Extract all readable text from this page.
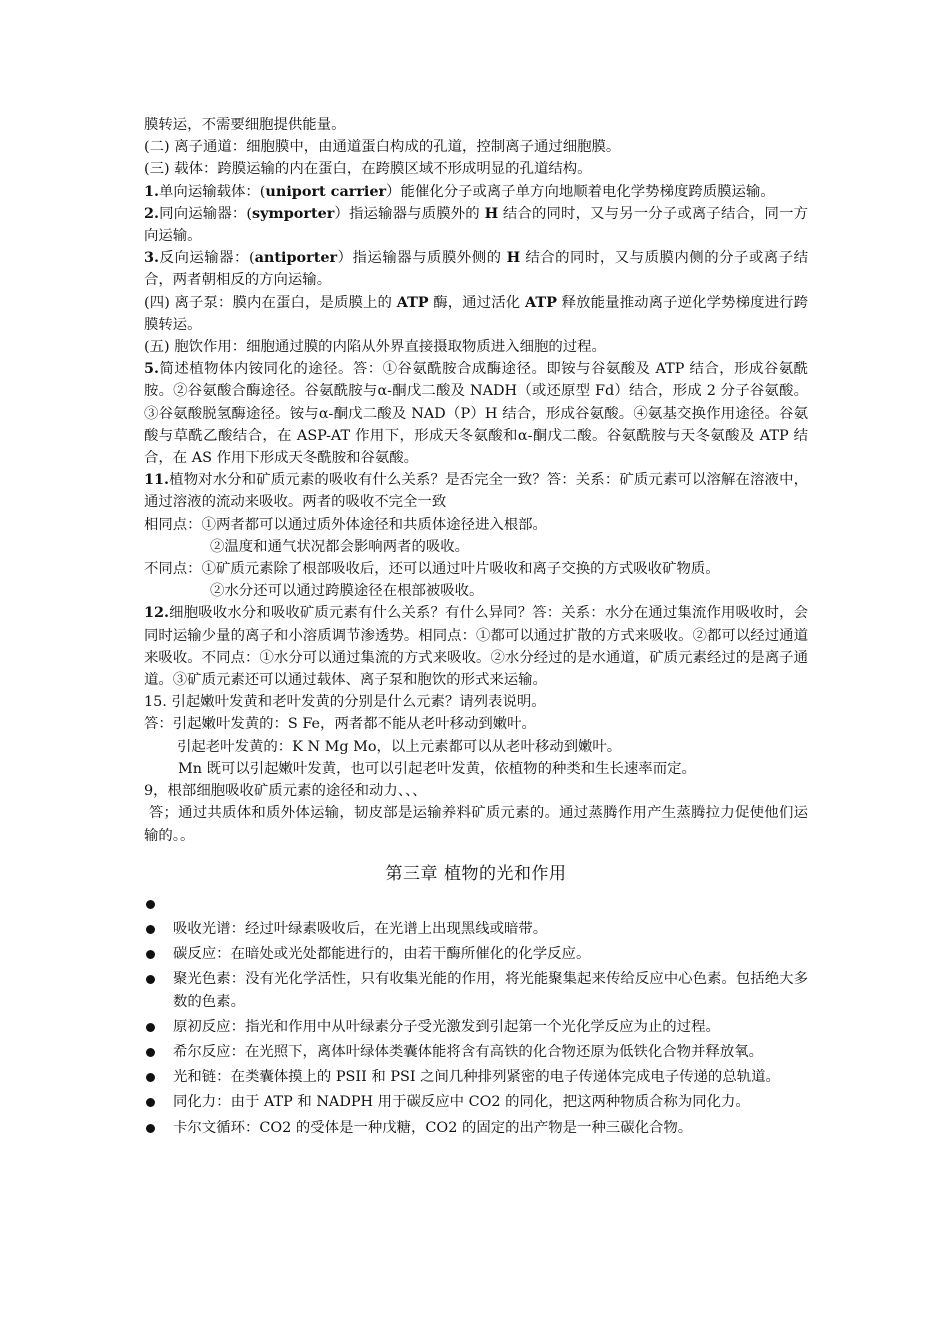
膜转运，不需要细胞提供能量。

(二) 离子通道：细胞膜中，由通道蛋白构成的孔道，控制离子通过细胞膜。

(三) 载体：跨膜运输的内在蛋白，在跨膜区域不形成明显的孔道结构。

1.单向运输载体：(uniport carrier）能催化分子或离子单方向地顺着电化学势梯度跨质膜运输。

2.同向运输器：(symporter）指运输器与质膜外的 H 结合的同时，又与另一分子或离子结合，同一方向运输。

3.反向运输器：(antiporter）指运输器与质膜外侧的 H 结合的同时，又与质膜内侧的分子或离子结合，两者朝相反的方向运输。

(四) 离子泵：膜内在蛋白，是质膜上的 ATP 酶，通过活化 ATP 释放能量推动离子逆化学势梯度进行跨膜转运。

(五) 胞饮作用：细胞通过膜的内陷从外界直接摄取物质进入细胞的过程。

5.简述植物体内铵同化的途径。答：①谷氨酰胺合成酶途径。即铵与谷氨酸及 ATP 结合，形成谷氨酰胺。②谷氨酸合酶途径。谷氨酰胺与α-酮戊二酸及 NADH（或还原型 Fd）结合，形成 2 分子谷氨酸。③谷氨酸脱氢酶途径。铵与α-酮戊二酸及 NAD（P）H 结合，形成谷氨酸。④氨基交换作用途径。谷氨酸与草酰乙酸结合，在 ASP-AT 作用下，形成天冬氨酸和α-酮戊二酸。谷氨酰胺与天冬氨酸及 ATP 结合，在 AS 作用下形成天冬酰胺和谷氨酸。

11.植物对水分和矿质元素的吸收有什么关系？是否完全一致？答：关系：矿质元素可以溶解在溶液中，通过溶液的流动来吸收。两者的吸收不完全一致

相同点：①两者都可以通过质外体途径和共质体途径进入根部。

②温度和通气状况都会影响两者的吸收。

不同点：①矿质元素除了根部吸收后，还可以通过叶片吸收和离子交换的方式吸收矿物质。

②水分还可以通过跨膜途径在根部被吸收。

12.细胞吸收水分和吸收矿质元素有什么关系？有什么异同？答：关系：水分在通过集流作用吸收时，会同时运输少量的离子和小溶质调节渗透势。相同点：①都可以通过扩散的方式来吸收。②都可以经过通道来吸收。不同点：①水分可以通过集流的方式来吸收。②水分经过的是水通道，矿质元素经过的是离子通道。③矿质元素还可以通过载体、离子泵和胞饮的形式来运输。

15. 引起嫩叶发黄和老叶发黄的分别是什么元素？请列表说明。

答：引起嫩叶发黄的：S Fe，两者都不能从老叶移动到嫩叶。

引起老叶发黄的：K N Mg Mo，以上元素都可以从老叶移动到嫩叶。

Mn 既可以引起嫩叶发黄，也可以引起老叶发黄，依植物的种类和生长速率而定。

9，根部细胞吸收矿质元素的途径和动力、、、

答；通过共质体和质外体运输，韧皮部是运输养料矿质元素的。通过蒸腾作用产生蒸腾拉力促使他们运输的。。

第三章 植物的光和作用
吸收光谱：经过叶绿素吸收后，在光谱上出现黑线或暗带。
碳反应：在暗处或光处都能进行的，由若干酶所催化的化学反应。
聚光色素：没有光化学活性，只有收集光能的作用，将光能聚集起来传给反应中心色素。包括绝大多数的色素。
原初反应：指光和作用中从叶绿素分子受光激发到引起第一个光化学反应为止的过程。
希尔反应：在光照下，离体叶绿体类囊体能将含有高铁的化合物还原为低铁化合物并释放氧。
光和链：在类囊体摸上的 PSII 和 PSI 之间几种排列紧密的电子传递体完成电子传递的总轨道。
同化力：由于 ATP 和 NADPH 用于碳反应中 CO2 的同化，把这两种物质合称为同化力。
卡尔文循环：CO2 的受体是一种戊糖，CO2 的固定的出产物是一种三碳化合物。
